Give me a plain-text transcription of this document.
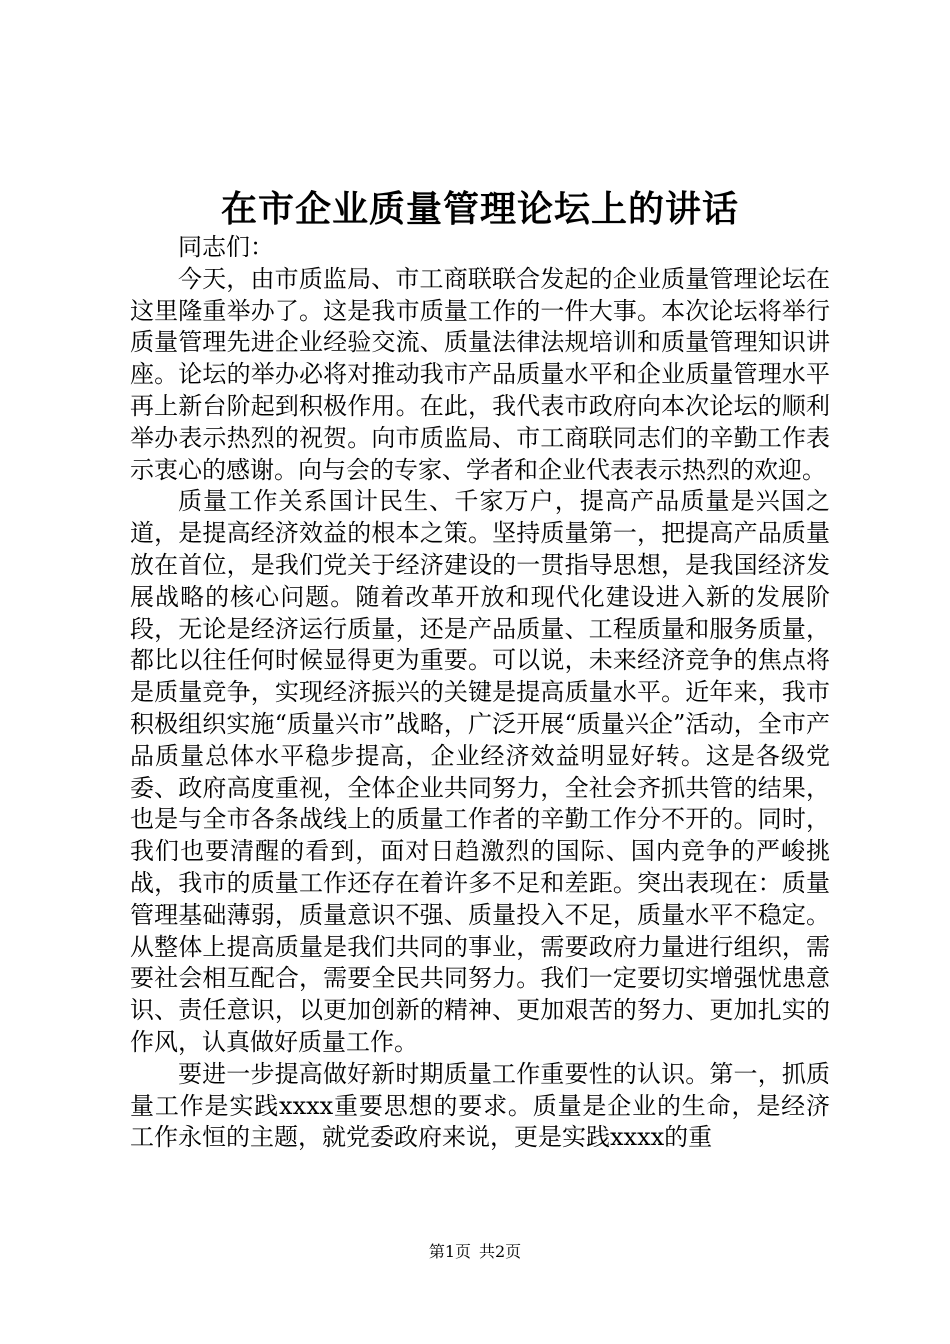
在市企业质量管理论坛上的讲话

同志们：

今天，由市质监局、市工商联联合发起的企业质量管理论坛在这里隆重举办了。这是我市质量工作的一件大事。本次论坛将举行质量管理先进企业经验交流、质量法律法规培训和质量管理知识讲座。论坛的举办必将对推动我市产品质量水平和企业质量管理水平再上新台阶起到积极作用。在此，我代表市政府向本次论坛的顺利举办表示热烈的祝贺。向市质监局、市工商联同志们的辛勤工作表示衷心的感谢。向与会的专家、学者和企业代表表示热烈的欢迎。

质量工作关系国计民生、千家万户，提高产品质量是兴国之道，是提高经济效益的根本之策。坚持质量第一，把提高产品质量放在首位，是我们党关于经济建设的一贯指导思想，是我国经济发展战略的核心问题。随着改革开放和现代化建设进入新的发展阶段，无论是经济运行质量，还是产品质量、工程质量和服务质量，都比以往任何时候显得更为重要。可以说，未来经济竞争的焦点将是质量竞争，实现经济振兴的关键是提高质量水平。近年来，我市积极组织实施“质量兴市”战略，广泛开展“质量兴企”活动，全市产品质量总体水平稳步提高，企业经济效益明显好转。这是各级党委、政府高度重视，全体企业共同努力，全社会齐抓共管的结果，也是与全市各条战线上的质量工作者的辛勤工作分不开的。同时，我们也要清醒的看到，面对日趋激烈的国际、国内竞争的严峻挑战，我市的质量工作还存在着许多不足和差距。突出表现在：质量管理基础薄弱，质量意识不强、质量投入不足，质量水平不稳定。从整体上提高质量是我们共同的事业，需要政府力量进行组织，需要社会相互配合，需要全民共同努力。我们一定要切实增强忧患意识、责任意识，以更加创新的精神、更加艰苦的努力、更加扎实的作风，认真做好质量工作。

要进一步提高做好新时期质量工作重要性的认识。第一，抓质量工作是实践xxxx重要思想的要求。质量是企业的生命，是经济工作永恒的主题，就党委政府来说，更是实践xxxx的重

第1页 共2页
